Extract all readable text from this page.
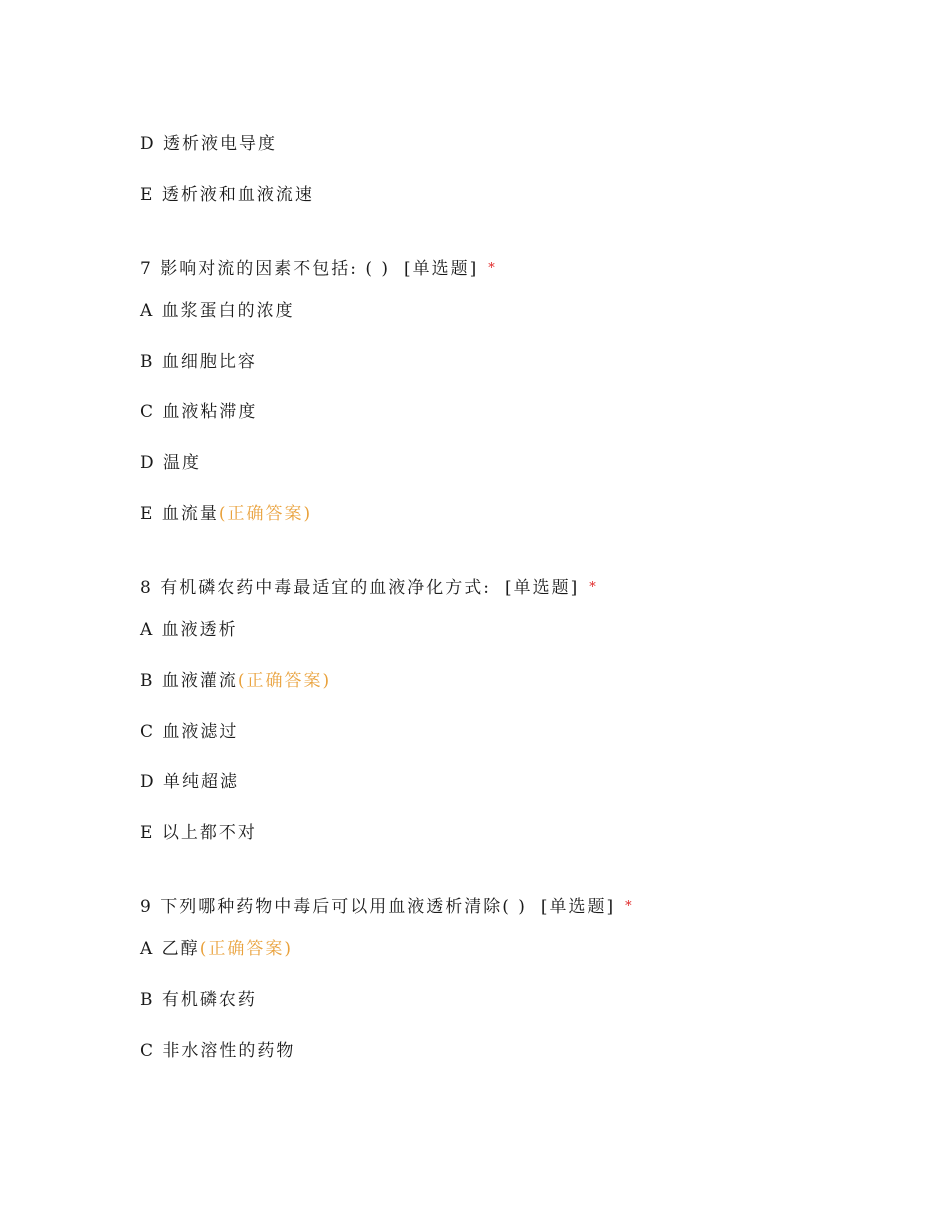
D 透析液电导度
E 透析液和血液流速
7 影响对流的因素不包括: ( ) [单选题] *
A 血浆蛋白的浓度
B 血细胞比容
C 血液粘滞度
D 温度
E 血流量(正确答案)
8 有机磷农药中毒最适宜的血液净化方式: [单选题] *
A 血液透析
B 血液灌流(正确答案)
C 血液滤过
D 单纯超滤
E 以上都不对
9 下列哪种药物中毒后可以用血液透析清除( ) [单选题] *
A 乙醇(正确答案)
B 有机磷农药
C 非水溶性的药物
